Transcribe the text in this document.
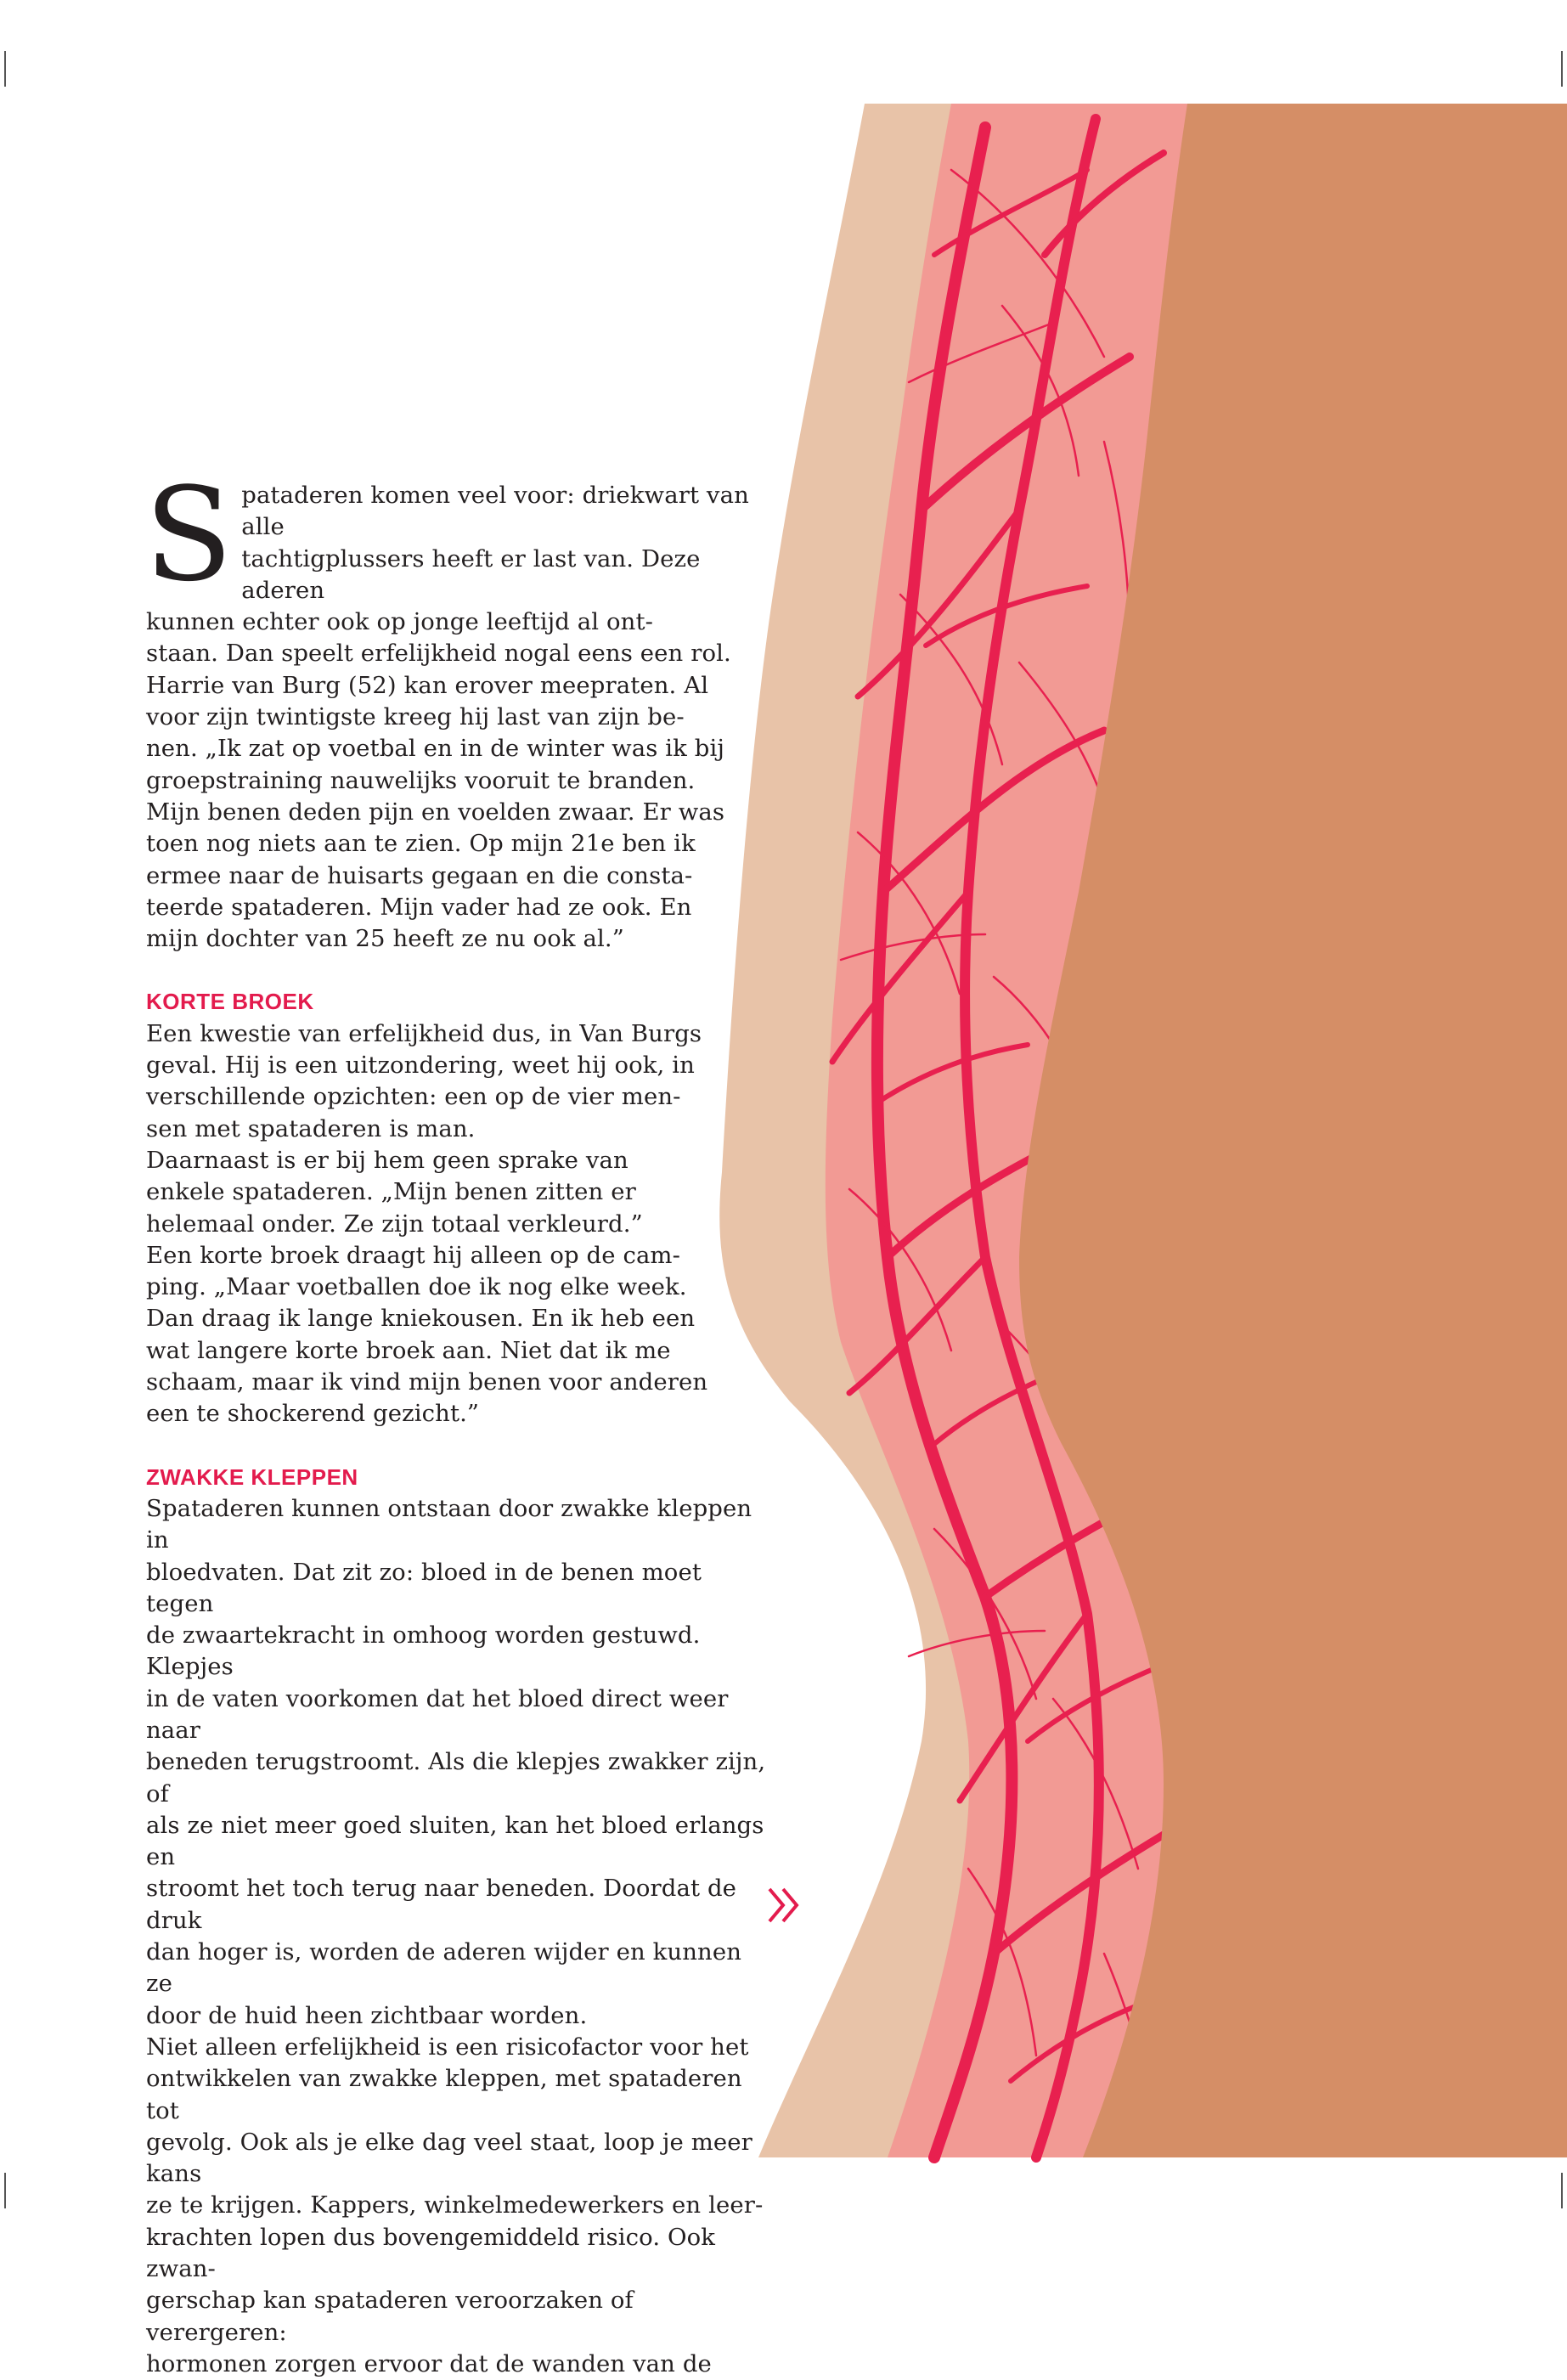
S pataderen komen veel voor: driekwart van alle
tachtigplussers heeft er last van. Deze aderen
kunnen echter ook op jonge leeftijd al ont-
staan. Dan speelt erfelijkheid nogal eens een rol.
Harrie van Burg (52) kan erover meepraten. Al
voor zijn twintigste kreeg hij last van zijn be-
nen. „Ik zat op voetbal en in de winter was ik bij
groepstraining nauwelijks vooruit te branden.
Mijn benen deden pijn en voelden zwaar. Er was
toen nog niets aan te zien. Op mijn 21e ben ik
ermee naar de huisarts gegaan en die consta-
teerde spataderen. Mijn vader had ze ook. En
mijn dochter van 25 heeft ze nu ook al.”

KORTE BROEK

Een kwestie van erfelijkheid dus, in Van Burgs
geval. Hij is een uitzondering, weet hij ook, in
verschillende opzichten: een op de vier men-
sen met spataderen is man.
Daarnaast is er bij hem geen sprake van
enkele spataderen. „Mijn benen zitten er
helemaal onder. Ze zijn totaal verkleurd.”
Een korte broek draagt hij alleen op de cam-
ping. „Maar voetballen doe ik nog elke week.
Dan draag ik lange kniekousen. En ik heb een
wat langere korte broek aan. Niet dat ik me
schaam, maar ik vind mijn benen voor anderen
een te shockerend gezicht.”

ZWAKKE KLEPPEN

Spataderen kunnen ontstaan door zwakke kleppen in
bloedvaten. Dat zit zo: bloed in de benen moet tegen
de zwaartekracht in omhoog worden gestuwd. Klepjes
in de vaten voorkomen dat het bloed direct weer naar
beneden terugstroomt. Als die klepjes zwakker zijn, of
als ze niet meer goed sluiten, kan het bloed erlangs en
stroomt het toch terug naar beneden. Doordat de druk
dan hoger is, worden de aderen wijder en kunnen ze
door de huid heen zichtbaar worden.
Niet alleen erfelijkheid is een risicofactor voor het
ontwikkelen van zwakke kleppen, met spataderen tot
gevolg. Ook als je elke dag veel staat, loop je meer kans
ze te krijgen. Kappers, winkelmedewerkers en leer-
krachten lopen dus bovengemiddeld risico. Ook zwan-
gerschap kan spataderen veroorzaken of verergeren:
hormonen zorgen ervoor dat de wanden van de
